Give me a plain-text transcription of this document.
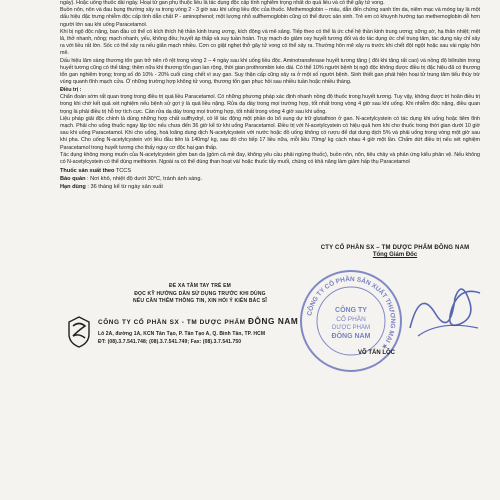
ngày). Hoặc uống thuốc dài ngày. Hoại tử gan phụ thuộc liều là tác dụng độc cấp tính nghiêm trọng nhất do quá liều và có thể gây tử vong.
Buồn nôn, nôn và đau bụng thường xảy ra trong vòng 2 - 3 giờ sau khi uống liều độc của thuốc. Methemoglobin – máu, dẫn đến chứng xanh tím da, niêm mạc và móng tay là một dấu hiệu đặc trưng nhiễm độc cấp tính dẫn chất P - aminophenol; một lượng nhỏ sulfhemoglobin cũng có thể được sản sinh. Trẻ em có khuynh hướng tạo methemoglobin dễ hơn người lớn sau khi uống Paracetamol.
Khi bị ngộ độc nặng, ban đầu có thể có kích thích hệ thần kinh trung ương, kích động và mê sảng. Tiếp theo có thể là ức chế hệ thần kinh trung ương; sững sờ, hạ thân nhiệt; mệt lả, thở nhanh, nông; mạch nhanh, yếu, không đều; huyết áp thấp và suy tuần hoàn. Trụy mạch do giảm oxy huyết tương đối và do tác dụng ức chế trung tâm, tác dụng này chỉ xảy ra với liều rất lớn. Sốc có thể xảy ra nếu giãn mạch nhiều. Cơn co giật nghẹt thở gây tử vong có thể xảy ra. Thường hôn mê xảy ra trước khi chết đột ngột hoặc sau vài ngày hôn mê.
Dấu hiệu lâm sàng thương tổn gan trở nên rõ rệt trong vòng 2 – 4 ngày sau khi uống liều độc. Aminotransferase huyết tương tăng ( đôi khi tăng rất cao) và nồng độ bilirubin trong huyết tương cũng có thể tăng; thêm nữa khi thương tổn gan lan rộng, thời gian prothrombin kéo dài. Có thể 10% người bệnh bị ngộ độc không được điều trị đặc hiệu đã có thương tổn gan nghiêm trọng; trong số đó 10% - 20% cuối cùng chết vì suy gan. Suy thận cấp cũng xảy ra ở một số người bệnh. Sinh thiết gan phát hiện hoại tử trung tâm tiểu thùy trừ vùng quanh tĩnh mạch cửa. Ở những trường hợp không tử vong, thương tổn gan phục hồi sau nhiều tuần hoặc nhiều tháng.
Điều trị :
Chẩn đoán sớm rất quan trọng trong điều trị quá liều Paracetamol. Có những phương pháp xác định nhanh nồng độ thuốc trong huyết tương. Tuy vậy, không được trì hoãn điều trị trong khi chờ kết quả xét nghiệm nếu bệnh sử gợi ý là quá liều nặng. Rửa dạ dày trong mọi trường hợp, tốt nhất trong vòng 4 giờ sau khi uống. Khi nhiễm độc nặng, điều quan trọng là phải điều trị hỗ trợ tích cực. Cần rửa dạ dày trong mọi trường hợp, tốt nhất trong vòng 4 giờ sau khi uống.
Liệu pháp giải độc chính là dùng những hợp chất sulfhydryl, có lẽ tác động một phần do bổ sung dự trữ glutathion ở gan. N-acetylcystein có tác dụng khi uống hoặc tiêm tĩnh mạch. Phải cho uống thuốc ngay lập tức nếu chưa đến 36 giờ kể từ khi uống Paracetamol. Điều trị với N-acetylcystein có hiệu quả hơn khi cho thuốc trong thời gian dưới 10 giờ sau khi uống Paracetamol. Khi cho uống, hoà loãng dung dịch N-acetylcystein với nước hoặc đồ uống không có rượu để đạt dung dịch 5% và phải uống trong vòng một giờ sau khi pha. Cho uống N-acetylcystein với liều đầu tiên là 140mg/ kg, sau đó cho tiếp 17 liều nữa, mỗi liều 70mg/ kg cách nhau 4 giờ một lần. Chấm dứt điều trị nếu xét nghiệm Paracetamol trong huyết tương cho thấy nguy cơ độc hại gan thấp.
Tác dụng không mong muốn của N-acetylcystein gồm ban da (gồm cả mề đay, không yêu cầu phải ngừng thuốc), buồn nôn, nôn, tiêu chảy và phản ứng kiểu phản vệ. Nếu không có N-acetylcystein có thể dùng methionin. Ngoài ra có thể dùng than hoạt và/ hoặc thuốc tẩy muối, chúng có khả năng làm giảm hấp thụ Paracetamol
Thuốc sản xuất theo TCCS
Bảo quản : Nơi khô, nhiệt độ dưới 30°C, tránh ánh sáng.
Hạn dùng : 36 tháng kể từ ngày sản xuất
CTY CỔ PHẦN SX – TM DƯỢC PHẨM ĐÔNG NAM
Tổng Giám Đốc
ĐỂ XA TẦM TAY TRẺ EM
ĐỌC KỸ HƯỚNG DẪN SỬ DỤNG TRƯỚC KHI DÙNG
NẾU CẦN THÊM THÔNG TIN, XIN HỎI Ý KIẾN BÁC SĨ
CÔNG TY CỔ PHẦN SX - TM DƯỢC PHẨM ĐÔNG NAM
Lô 2A, đường 1A, KCN Tân Tạo, P. Tân Tạo A, Q. Bình Tân, TP. HCM
ĐT: (08).3.7.541.748; (08).3.7.541.749; Fax: (08).3.7.541.750
CÔNG TY CỔ PHẦN SẢN XUẤT THƯƠNG MẠI ★
CÔNG TY
CỔ PHẦN
DƯỢC PHẨM
ĐÔNG NAM
VÕ TẤN LỘC
